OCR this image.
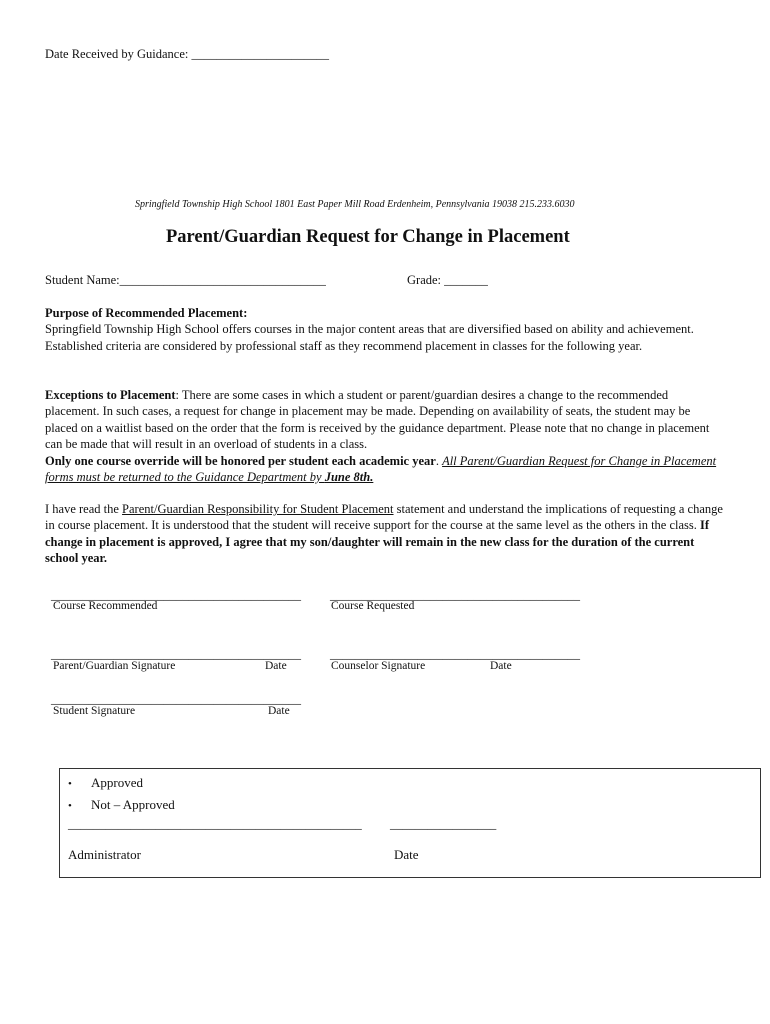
Date Received by Guidance: ______________________
Springfield Township High School 1801 East Paper Mill Road Erdenheim, Pennsylvania 19038 215.233.6030
Parent/Guardian Request for Change in Placement
Student Name:_________________________________	Grade: _______

Purpose of Recommended Placement:

Springfield Township High School offers courses in the major content areas that are diversified based on ability and achievement. Established criteria are considered by professional staff as they recommend placement in classes for the following year.

Exceptions to Placement: There are some cases in which a student or parent/guardian desires a change to the recommended placement. In such cases, a request for change in placement may be made. Depending on availability of seats, the student may be placed on a waitlist based on the order that the form is received by the guidance department. Please note that no change in placement can be made that will result in an overload of students in a class.

Only one course override will be honored per student each academic year. All Parent/Guardian Request for Change in Placement forms must be returned to the Guidance Department by June 8th.

I have read the Parent/Guardian Responsibility for Student Placement statement and understand the implications of requesting a change in course placement. It is understood that the student will receive support for the course at the same level as the others in the class. If change in placement is approved, I agree that my son/daughter will remain in the new class for the duration of the current school year.

________________________________________ ________________________________________
Course Recommended	Course Requested
________________________________________ ________________________________________
Parent/Guardian Signature	Date	Counselor Signature	Date
________________________________________
Student Signature	Date
• Approved
• Not – Approved
_______________________________________________ _________________
Administrator	Date
